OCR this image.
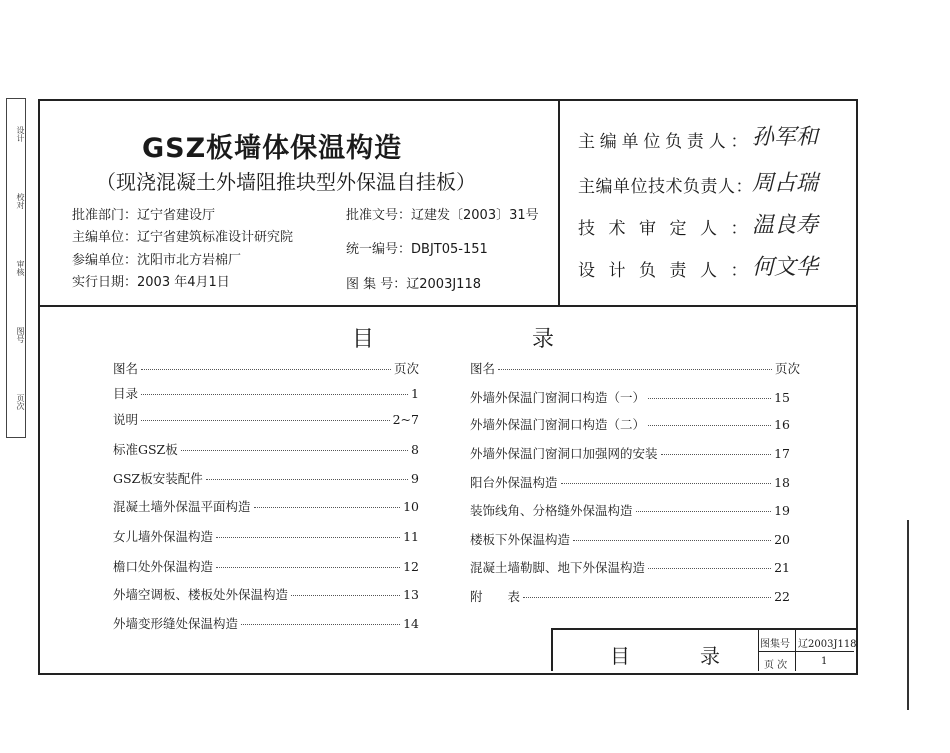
设计
校对
审核
图号
页次
GSZ板墙体保温构造
（现浇混凝土外墙阻推块型外保温自挂板）
批准部门：辽宁省建设厅
主编单位：辽宁省建筑标准设计研究院
参编单位：沈阳市北方岩棉厂
实行日期：2003 年4月1日
批准文号：辽建发〔2003〕31号
统一编号：DBJT05-151
图 集 号：辽2003J118
主编单位负责人： 孙军和
主编单位技术负责人： 周占瑞
技术审定人： 温良寿
设计负责人： 何文华
目	录
图名	页次
目录	1
说明	2~7
标准GSZ板	8
GSZ板安装配件	9
混凝土墙外保温平面构造	10
女儿墙外保温构造	11
檐口处外保温构造	12
外墙空调板、楼板处外保温构造	13
外墙变形缝处保温构造	14
图名	页次
外墙外保温门窗洞口构造（一）	15
外墙外保温门窗洞口构造（二）	16
外墙外保温门窗洞口加强网的安装	17
阳台外保温构造	18
装饰线角、分格缝外保温构造	19
楼板下外保温构造	20
混凝土墙勒脚、地下外保温构造	21
附　　表	22
目	录	图集号 辽2003J118
页 次	1
